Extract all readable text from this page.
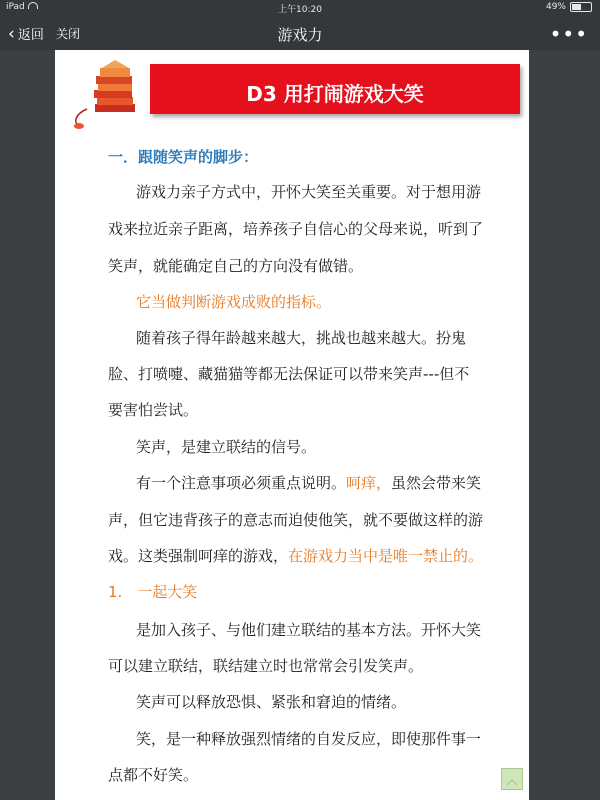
iPad	上午10:20	49%
‹ 返回 关闭	游戏力	•••
D3 用打闹游戏大笑
一．跟随笑声的脚步：
游戏力亲子方式中，开怀大笑至关重要。对于想用游
戏来拉近亲子距离，培养孩子自信心的父母来说，听到了
笑声，就能确定自己的方向没有做错。
它当做判断游戏成败的指标。
随着孩子得年龄越来越大，挑战也越来越大。扮鬼
脸、打喷嚏、藏猫猫等都无法保证可以带来笑声---但不
要害怕尝试。
笑声，是建立联结的信号。
有一个注意事项必须重点说明。呵痒，虽然会带来笑
声，但它违背孩子的意志而迫使他笑，就不要做这样的游
戏。这类强制呵痒的游戏，在游戏力当中是唯一禁止的。
1.　一起大笑
是加入孩子、与他们建立联结的基本方法。开怀大笑
可以建立联结，联结建立时也常常会引发笑声。
笑声可以释放恐惧、紧张和窘迫的情绪。
笑，是一种释放强烈情绪的自发反应，即使那件事一
点都不好笑。	︿
